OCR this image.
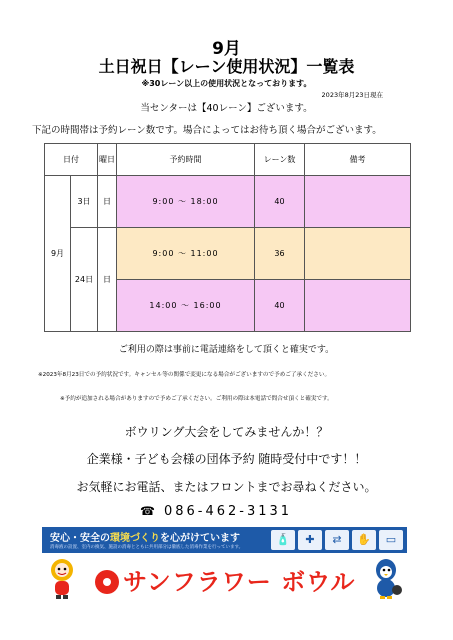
9月
土日祝日【レーン使用状況】一覧表
※30レーン以上の使用状況となっております。
2023年8月23日現在
当センターは【40レーン】ございます。
下記の時間帯は予約レーン数です。場合によってはお待ち頂く場合がございます。
日付		曜日	予約時間	レーン数	備考
9月	3日	日	9:00 ～ 18:00	40	
	24日	日	9:00 ～ 11:00	36	
			14:00 ～ 16:00	40	
ご利用の際は事前に電話連絡をして頂くと確実です。
※2023年8月23日での予約状況です。キャンセル等の関係で変更になる場合がございますので予めご了承ください。
※予約が追加される場合がありますので予めご了承ください。ご利用の際は本電話で問合せ頂くと確実です。
ボウリング大会をしてみませんか！？
企業様・子ども会様の団体予約 随時受付中です！！
お気軽にお電話、またはフロントまでお尋ねください。
☎ 086-462-3131
安心・安全の環境づくりを心がけています
消毒液の設置、室内の換気、施設の消毒とともに共用部分は徹底した消毒作業を行っています。
🧴	✚	⇄	✋	▭
サンフラワー ボウル
